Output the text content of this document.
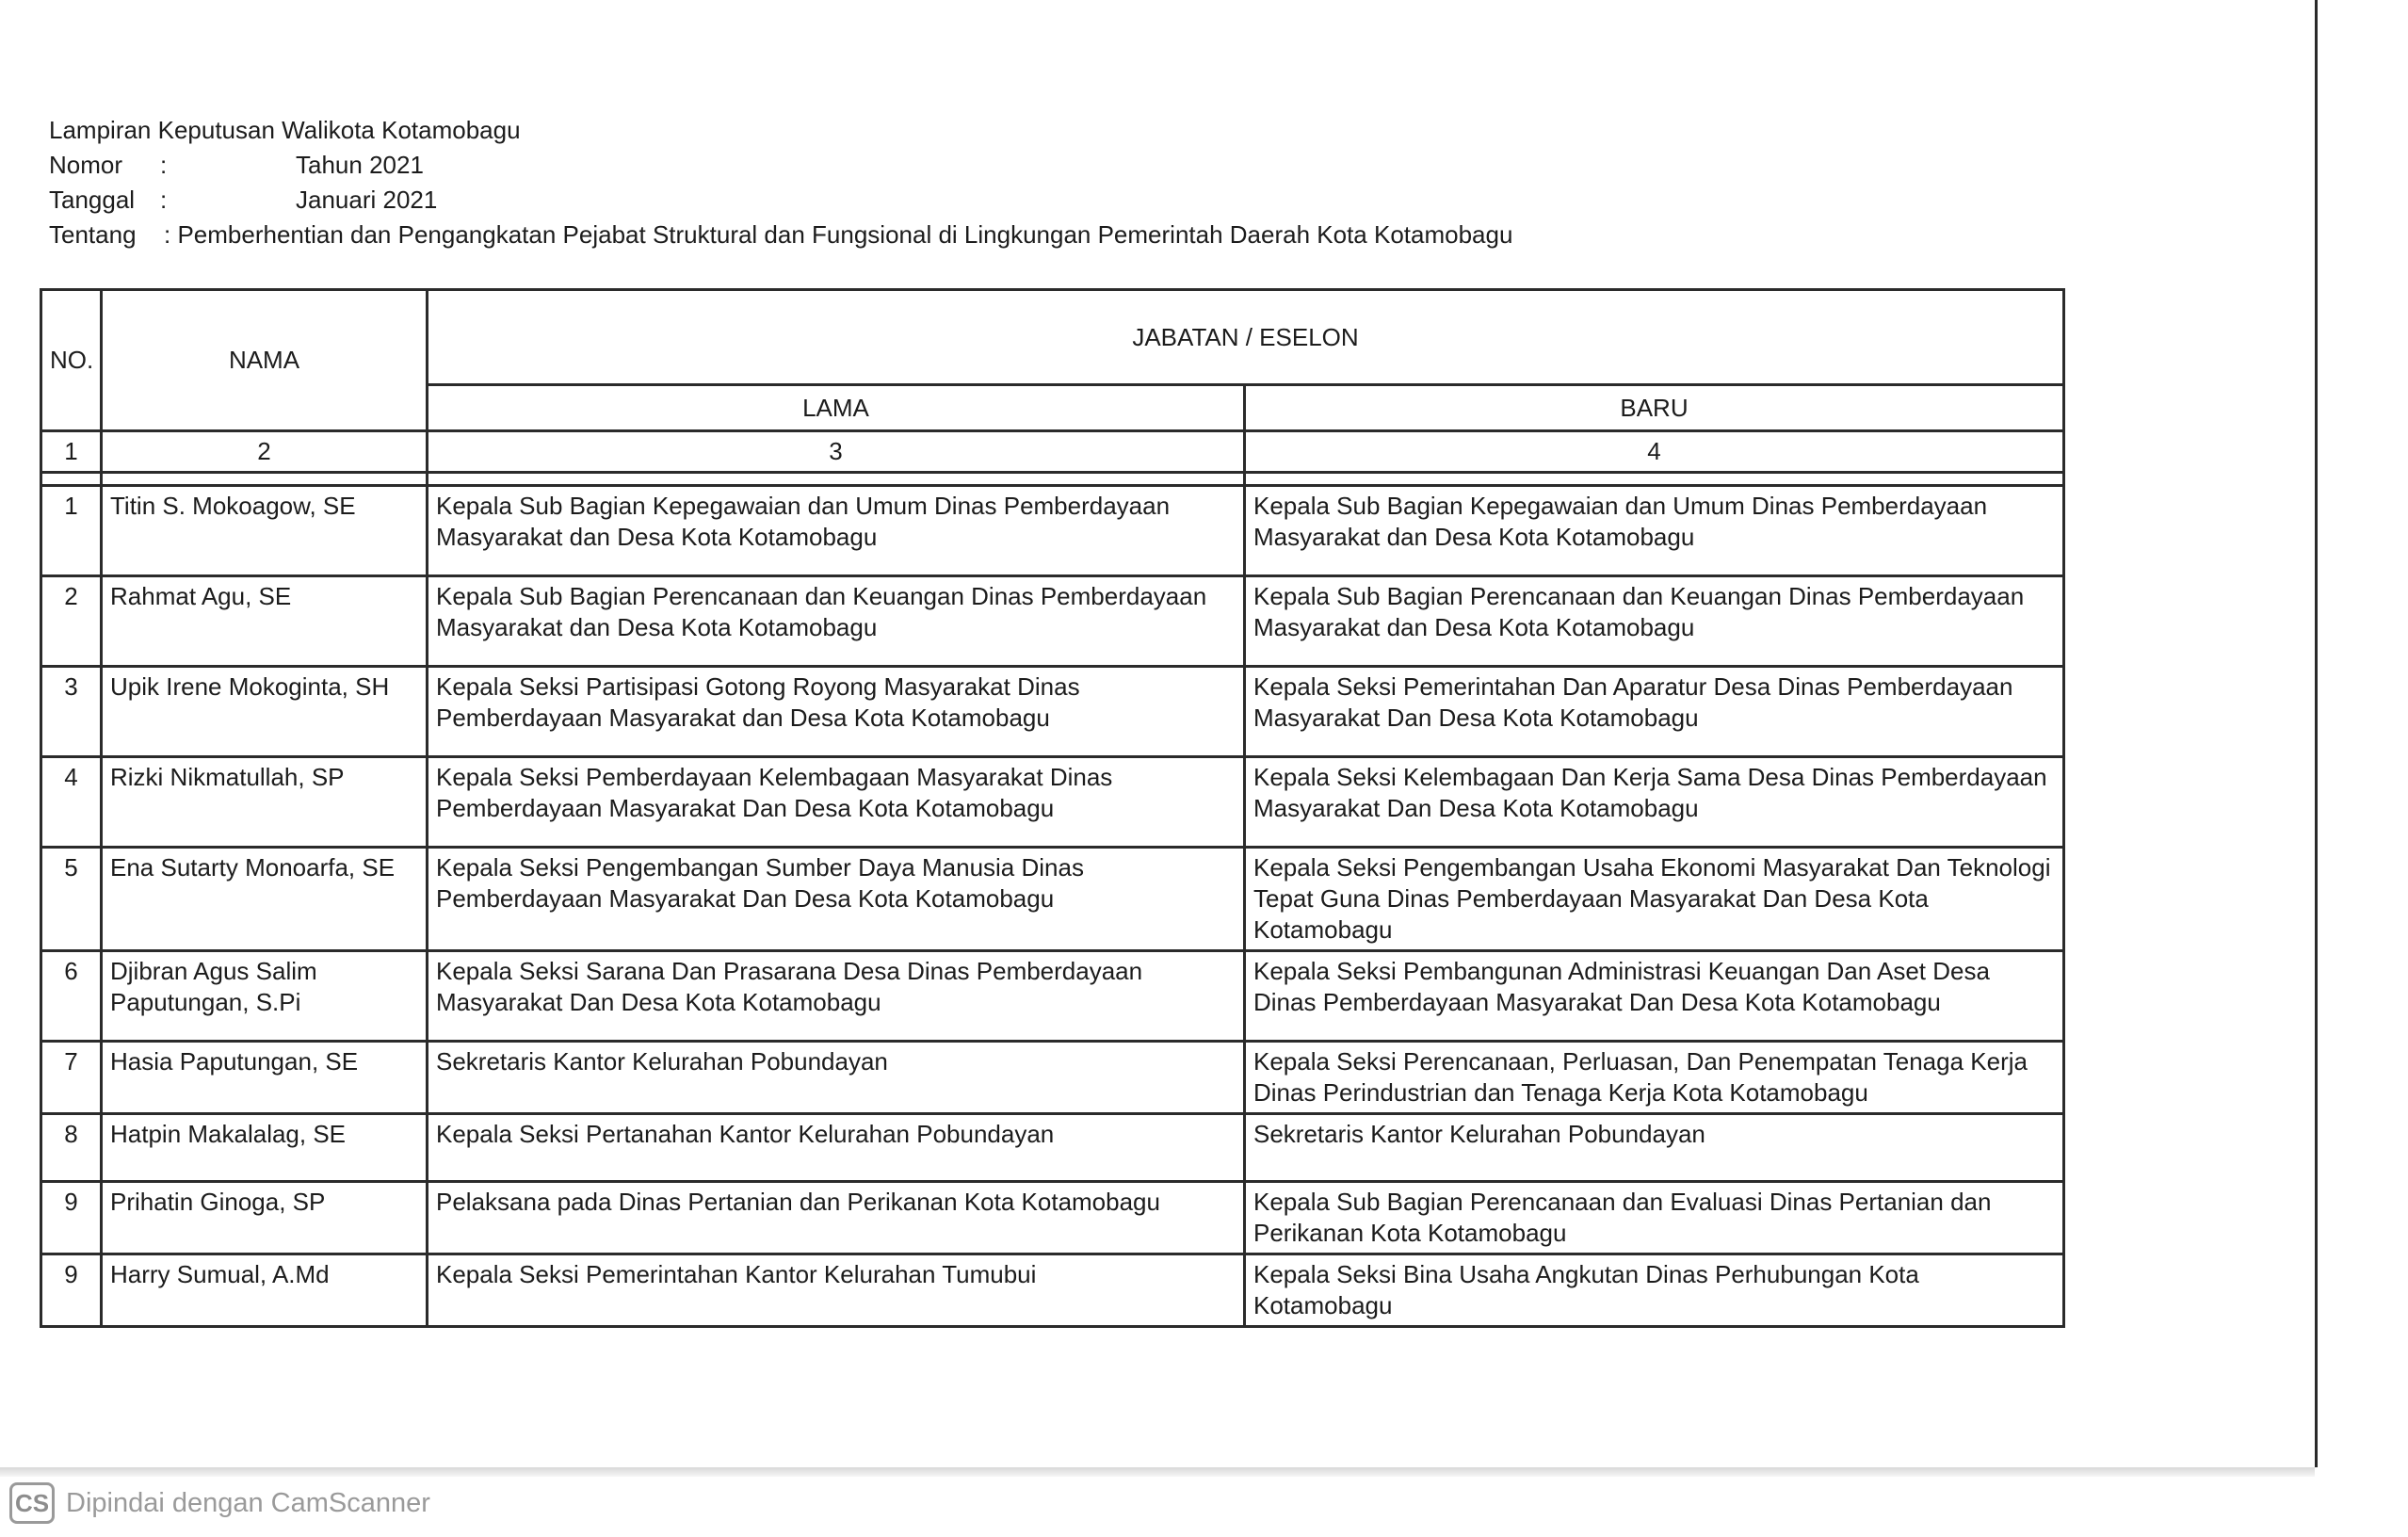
Lampiran Keputusan Walikota Kotamobagu
Nomor :	Tahun 2021
Tanggal :	Januari 2021
Tentang : Pemberhentian dan Pengangkatan Pejabat Struktural dan Fungsional di Lingkungan Pemerintah Daerah Kota Kotamobagu
NO.	NAMA	JABATAN / ESELON	
		LAMA	BARU
1	2	3	4

1	Titin S. Mokoagow, SE	Kepala Sub Bagian Kepegawaian dan Umum Dinas Pemberdayaan Masyarakat dan Desa Kota Kotamobagu	Kepala Sub Bagian Kepegawaian dan Umum Dinas Pemberdayaan Masyarakat dan Desa Kota Kotamobagu
2	Rahmat Agu, SE	Kepala Sub Bagian Perencanaan dan Keuangan Dinas Pemberdayaan Masyarakat dan Desa Kota Kotamobagu	Kepala Sub Bagian Perencanaan dan Keuangan Dinas Pemberdayaan Masyarakat dan Desa Kota Kotamobagu
3	Upik Irene Mokoginta, SH	Kepala Seksi Partisipasi Gotong Royong Masyarakat Dinas Pemberdayaan Masyarakat dan Desa Kota Kotamobagu	Kepala Seksi Pemerintahan Dan Aparatur Desa Dinas Pemberdayaan Masyarakat Dan Desa Kota Kotamobagu
4	Rizki Nikmatullah, SP	Kepala Seksi Pemberdayaan Kelembagaan Masyarakat Dinas Pemberdayaan Masyarakat Dan Desa Kota Kotamobagu	Kepala Seksi Kelembagaan Dan Kerja Sama Desa Dinas Pemberdayaan Masyarakat Dan Desa Kota Kotamobagu
5	Ena Sutarty Monoarfa, SE	Kepala Seksi Pengembangan Sumber Daya Manusia Dinas Pemberdayaan Masyarakat Dan Desa Kota Kotamobagu	Kepala Seksi Pengembangan Usaha Ekonomi Masyarakat Dan Teknologi Tepat Guna Dinas Pemberdayaan Masyarakat Dan Desa Kota Kotamobagu
6	Djibran Agus Salim Paputungan, S.Pi	Kepala Seksi Sarana Dan Prasarana Desa Dinas Pemberdayaan Masyarakat Dan Desa Kota Kotamobagu	Kepala Seksi Pembangunan Administrasi Keuangan Dan Aset Desa Dinas Pemberdayaan Masyarakat Dan Desa Kota Kotamobagu
7	Hasia Paputungan, SE	Sekretaris Kantor Kelurahan Pobundayan	Kepala Seksi Perencanaan, Perluasan, Dan Penempatan Tenaga Kerja Dinas Perindustrian dan Tenaga Kerja Kota Kotamobagu
8	Hatpin Makalalag, SE	Kepala Seksi Pertanahan Kantor Kelurahan Pobundayan	Sekretaris Kantor Kelurahan Pobundayan
9	Prihatin Ginoga, SP	Pelaksana pada Dinas Pertanian dan Perikanan Kota Kotamobagu	Kepala Sub Bagian Perencanaan dan Evaluasi Dinas Pertanian dan Perikanan Kota Kotamobagu
9	Harry Sumual, A.Md	Kepala Seksi Pemerintahan Kantor Kelurahan Tumubui	Kepala Seksi Bina Usaha Angkutan Dinas Perhubungan Kota Kotamobagu
CS Dipindai dengan CamScanner
